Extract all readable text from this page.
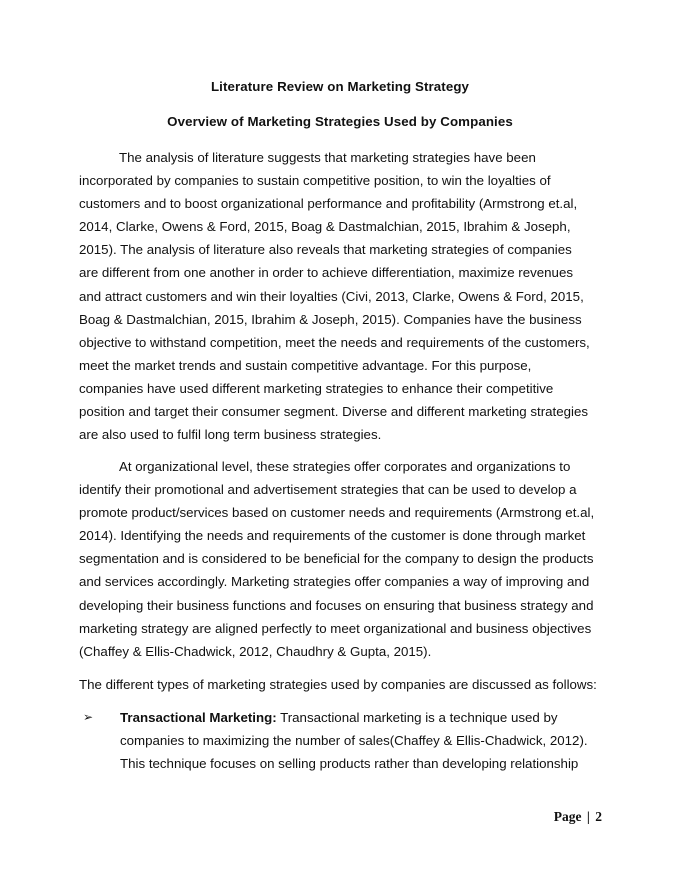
Literature Review on Marketing Strategy
Overview of Marketing Strategies Used by Companies
The analysis of literature suggests that marketing strategies have been
incorporated by companies to sustain competitive position, to win the loyalties of
customers and to boost organizational performance and profitability (Armstrong et.al,
2014, Clarke, Owens & Ford, 2015, Boag & Dastmalchian, 2015, Ibrahim & Joseph,
2015). The analysis of literature also reveals that marketing strategies of companies
are different from one another in order to achieve differentiation, maximize revenues
and attract customers and win their loyalties (Civi, 2013, Clarke, Owens & Ford, 2015,
Boag & Dastmalchian, 2015, Ibrahim & Joseph, 2015). Companies have the business
objective to withstand competition, meet the needs and requirements of the customers,
meet the market trends and sustain competitive advantage. For this purpose,
companies have used different marketing strategies to enhance their competitive
position and target their consumer segment. Diverse and different marketing strategies
are also used to fulfil long term business strategies.
At organizational level, these strategies offer corporates and organizations to
identify their promotional and advertisement strategies that can be used to develop a
promote product/services based on customer needs and requirements (Armstrong et.al,
2014). Identifying the needs and requirements of the customer is done through market
segmentation and is considered to be beneficial for the company to design the products
and services accordingly. Marketing strategies offer companies a way of improving and
developing their business functions and focuses on ensuring that business strategy and
marketing strategy are aligned perfectly to meet organizational and business objectives
(Chaffey & Ellis-Chadwick, 2012, Chaudhry & Gupta, 2015).
The different types of marketing strategies used by companies are discussed as follows:
➢ Transactional Marketing: Transactional marketing is a technique used by
companies to maximizing the number of sales(Chaffey & Ellis-Chadwick, 2012).
This technique focuses on selling products rather than developing relationship
Page | 2
